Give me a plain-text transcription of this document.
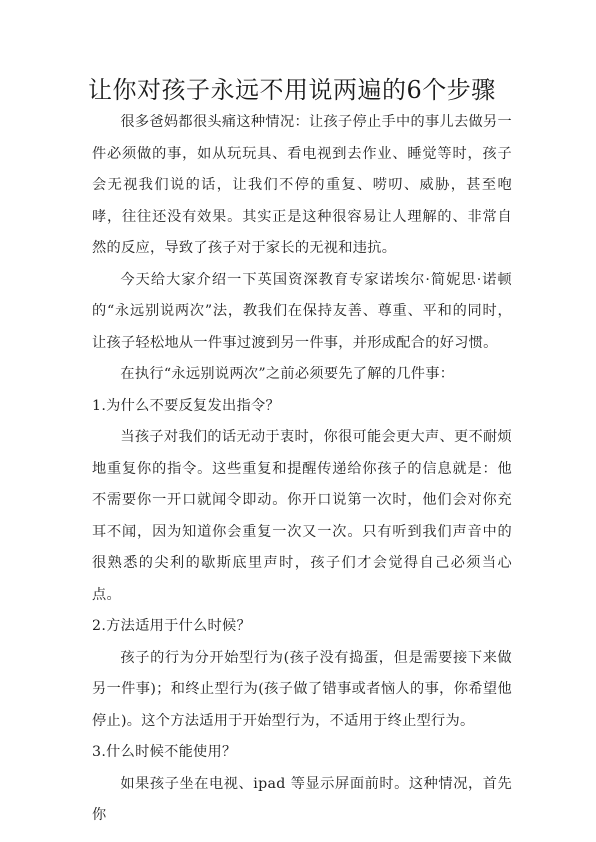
让你对孩子永远不用说两遍的6个步骤

很多爸妈都很头痛这种情况：让孩子停止手中的事儿去做另一件必须做的事，如从玩玩具、看电视到去作业、睡觉等时，孩子会无视我们说的话，让我们不停的重复、唠叨、威胁，甚至咆哮，往往还没有效果。其实正是这种很容易让人理解的、非常自然的反应，导致了孩子对于家长的无视和违抗。

今天给大家介绍一下英国资深教育专家诺埃尔·简妮思·诺顿的“永远别说两次”法，教我们在保持友善、尊重、平和的同时，让孩子轻松地从一件事过渡到另一件事，并形成配合的好习惯。

在执行“永远别说两次”之前必须要先了解的几件事：

1.为什么不要反复发出指令？

当孩子对我们的话无动于衷时，你很可能会更大声、更不耐烦地重复你的指令。这些重复和提醒传递给你孩子的信息就是：他不需要你一开口就闻令即动。你开口说第一次时，他们会对你充耳不闻，因为知道你会重复一次又一次。只有听到我们声音中的很熟悉的尖利的歇斯底里声时，孩子们才会觉得自己必须当心点。

2.方法适用于什么时候？

孩子的行为分开始型行为(孩子没有捣蛋，但是需要接下来做另一件事)；和终止型行为(孩子做了错事或者恼人的事，你希望他停止)。这个方法适用于开始型行为，不适用于终止型行为。

3.什么时候不能使用？

如果孩子坐在电视、ipad 等显示屏面前时。这种情况，首先你
